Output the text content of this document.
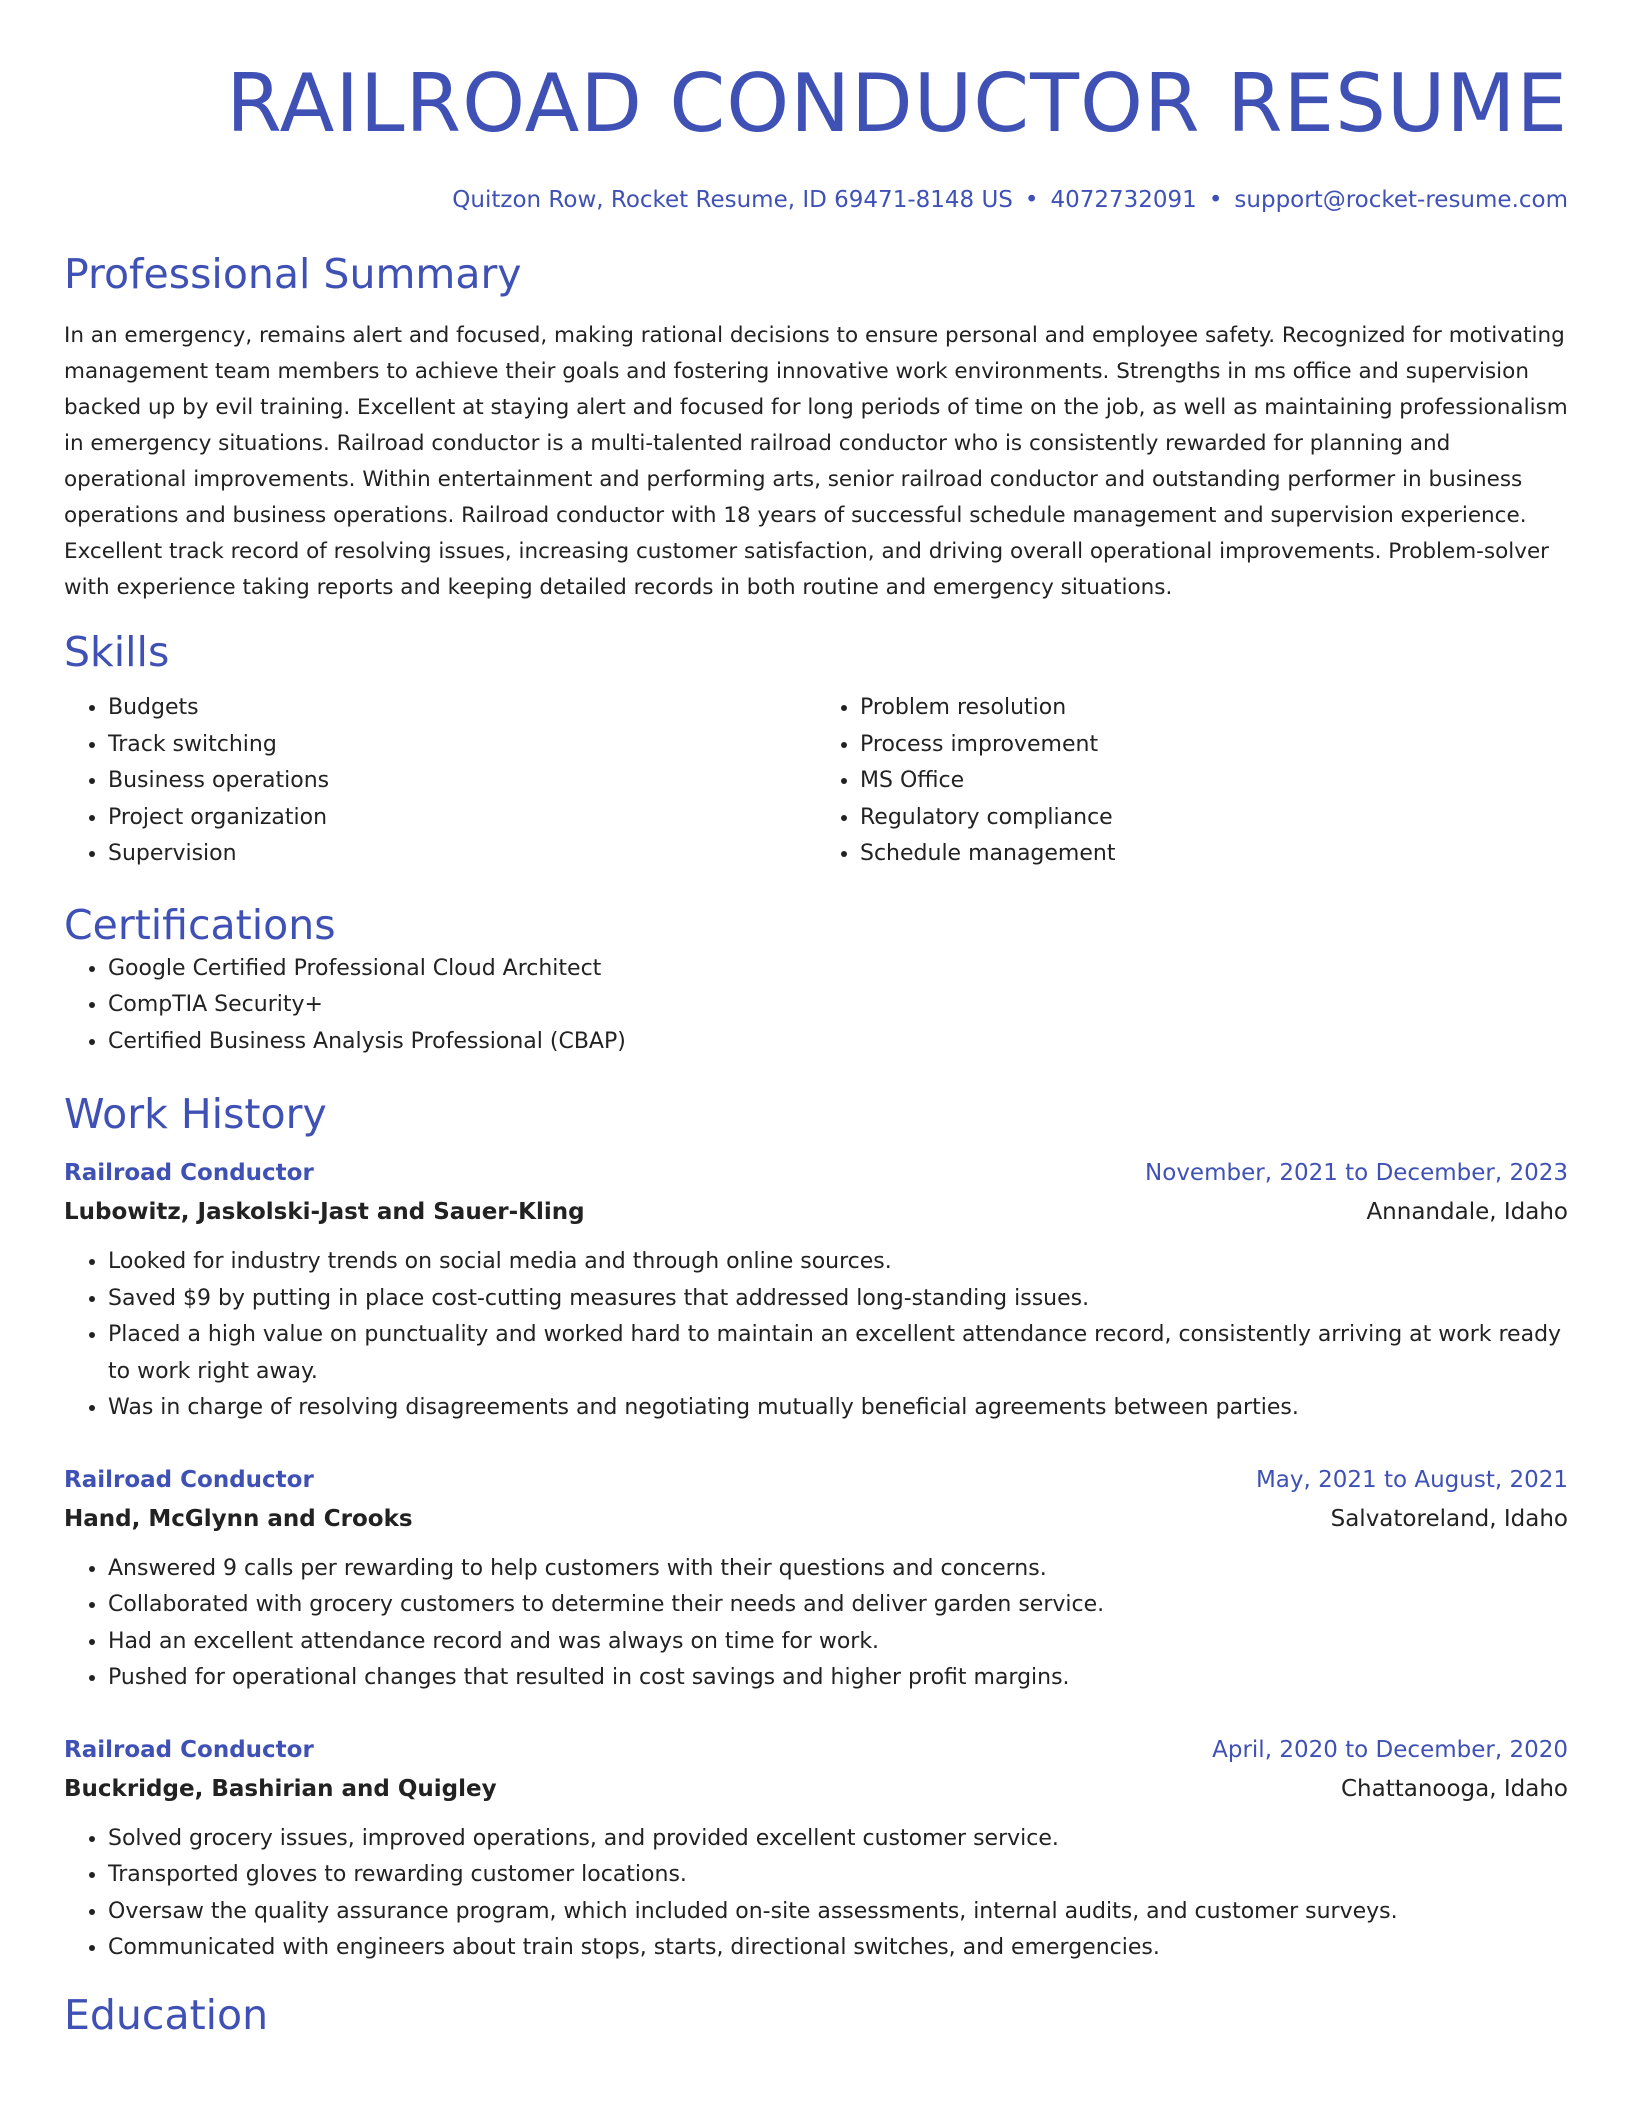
RAILROAD CONDUCTOR RESUME
Quitzon Row, Rocket Resume, ID 69471-8148 US • 4072732091 • support@rocket-resume.com
Professional Summary

In an emergency, remains alert and focused, making rational decisions to ensure personal and employee safety. Recognized for motivating management team members to achieve their goals and fostering innovative work environments. Strengths in ms office and supervision backed up by evil training. Excellent at staying alert and focused for long periods of time on the job, as well as maintaining professionalism in emergency situations. Railroad conductor is a multi-talented railroad conductor who is consistently rewarded for planning and operational improvements. Within entertainment and performing arts, senior railroad conductor and outstanding performer in business operations and business operations. Railroad conductor with 18 years of successful schedule management and supervision experience. Excellent track record of resolving issues, increasing customer satisfaction, and driving overall operational improvements. Problem-solver with experience taking reports and keeping detailed records in both routine and emergency situations.

Skills
• Budgets
• Track switching
• Business operations
• Project organization
• Supervision
• Problem resolution
• Process improvement
• MS Office
• Regulatory compliance
• Schedule management
Certifications
• Google Certified Professional Cloud Architect
• CompTIA Security+
• Certified Business Analysis Professional (CBAP)
Work History
Railroad Conductor	November, 2021 to December, 2023
Lubowitz, Jaskolski-Jast and Sauer-Kling	Annandale, Idaho
• Looked for industry trends on social media and through online sources.
• Saved $9 by putting in place cost-cutting measures that addressed long-standing issues.
• Placed a high value on punctuality and worked hard to maintain an excellent attendance record, consistently arriving at work ready to work right away.
• Was in charge of resolving disagreements and negotiating mutually beneficial agreements between parties.
Railroad Conductor	May, 2021 to August, 2021
Hand, McGlynn and Crooks	Salvatoreland, Idaho
• Answered 9 calls per rewarding to help customers with their questions and concerns.
• Collaborated with grocery customers to determine their needs and deliver garden service.
• Had an excellent attendance record and was always on time for work.
• Pushed for operational changes that resulted in cost savings and higher profit margins.
Railroad Conductor	April, 2020 to December, 2020
Buckridge, Bashirian and Quigley	Chattanooga, Idaho
• Solved grocery issues, improved operations, and provided excellent customer service.
• Transported gloves to rewarding customer locations.
• Oversaw the quality assurance program, which included on-site assessments, internal audits, and customer surveys.
• Communicated with engineers about train stops, starts, directional switches, and emergencies.
Education
